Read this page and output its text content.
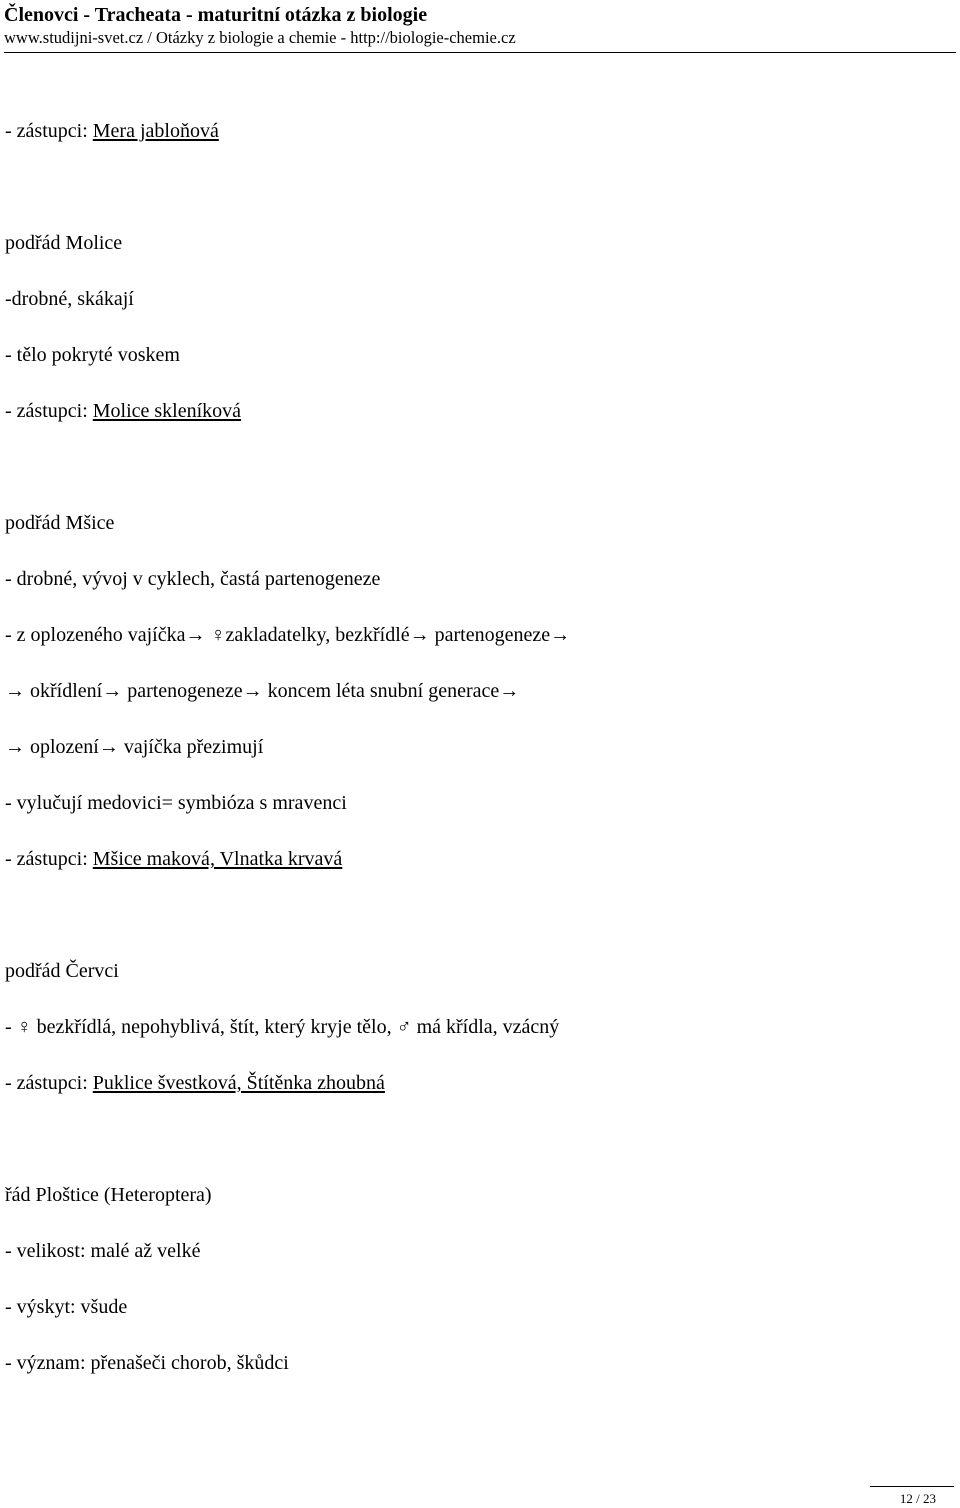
Členovci - Tracheata - maturitní otázka z biologie
www.studijni-svet.cz / Otázky z biologie a chemie - http://biologie-chemie.cz
- zástupci: Mera jabloňová
podřád Molice
-drobné, skákají
- tělo pokryté voskem
- zástupci: Molice skleníková
podřád Mšice
- drobné, vývoj v cyklech, častá partenogeneze
- z oplozeného vajíčka→ ♀zakladatelky, bezkřídlé→ partenogeneze→
→ okřídlení→ partenogeneze→ koncem léta snubní generace→
→ oplození→ vajíčka přezimují
- vylučují medovici= symbióza s mravenci
- zástupci: Mšice maková, Vlnatka krvavá
podřád Červci
- ♀ bezkřídlá, nepohyblivá, štít, který kryje tělo, ♂ má křídla, vzácný
- zástupci: Puklice švestková, Štítěnka zhoubná
řád Ploštice (Heteroptera)
- velikost: malé až velké
- výskyt: všude
- význam: přenašeči chorob, škůdci
12 / 23
